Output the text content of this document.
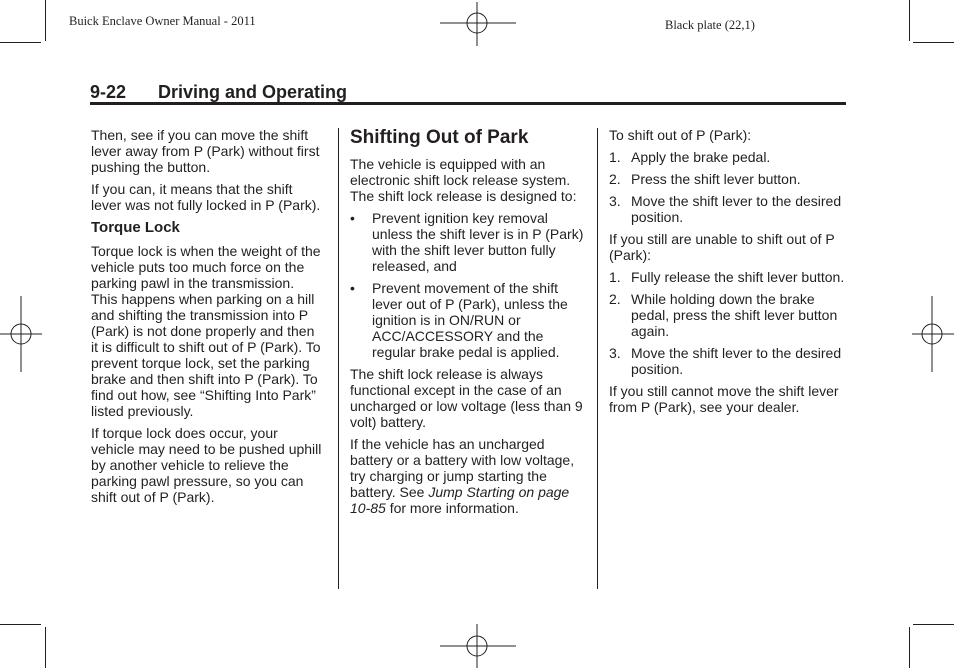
Buick Enclave Owner Manual - 2011	Black plate (22,1)
9-22 Driving and Operating

Then, see if you can move the shift lever away from P (Park) without first pushing the button.

If you can, it means that the shift lever was not fully locked in P (Park).

Torque Lock

Torque lock is when the weight of the vehicle puts too much force on the parking pawl in the transmission. This happens when parking on a hill and shifting the transmission into P (Park) is not done properly and then it is difficult to shift out of P (Park). To prevent torque lock, set the parking brake and then shift into P (Park). To find out how, see “Shifting Into Park” listed previously.

If torque lock does occur, your vehicle may need to be pushed uphill by another vehicle to relieve the parking pawl pressure, so you can shift out of P (Park).

Shifting Out of Park

The vehicle is equipped with an electronic shift lock release system. The shift lock release is designed to:

• Prevent ignition key removal unless the shift lever is in P (Park) with the shift lever button fully released, and
• Prevent movement of the shift lever out of P (Park), unless the ignition is in ON/RUN or ACC/ACCESSORY and the regular brake pedal is applied.

The shift lock release is always functional except in the case of an uncharged or low voltage (less than 9 volt) battery.

If the vehicle has an uncharged battery or a battery with low voltage, try charging or jump starting the battery. See Jump Starting on page 10-85 for more information.

To shift out of P (Park):

1. Apply the brake pedal.
2. Press the shift lever button.
3. Move the shift lever to the desired position.

If you still are unable to shift out of P (Park):

1. Fully release the shift lever button.
2. While holding down the brake pedal, press the shift lever button again.
3. Move the shift lever to the desired position.

If you still cannot move the shift lever from P (Park), see your dealer.
